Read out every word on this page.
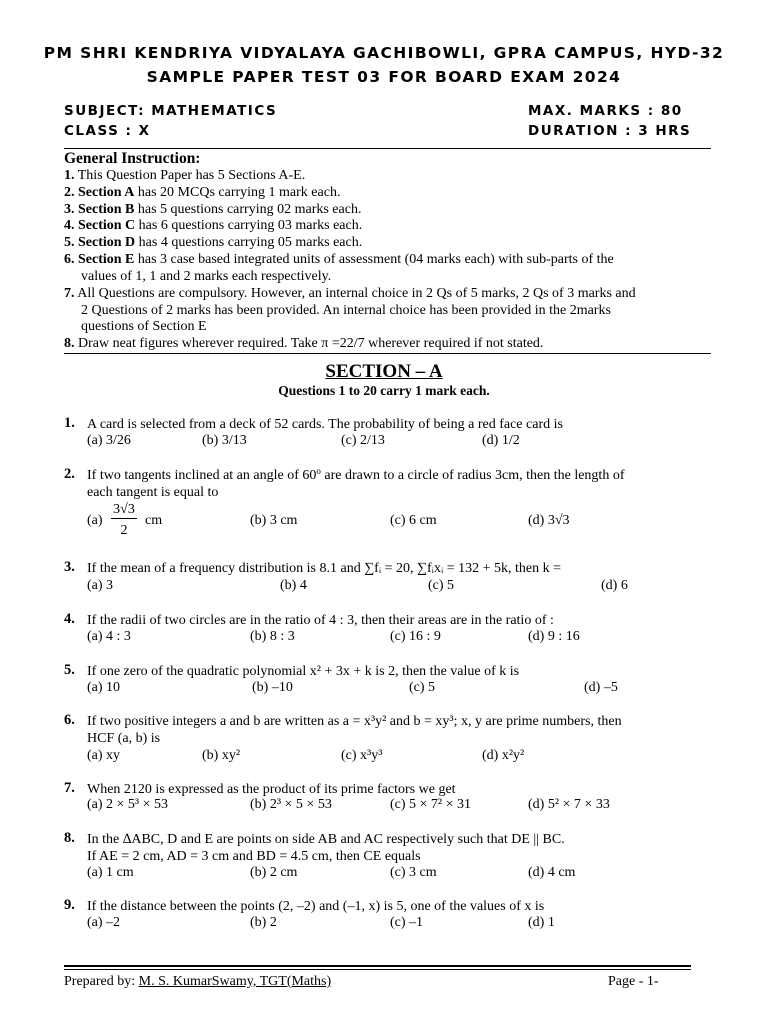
PM SHRI KENDRIYA VIDYALAYA GACHIBOWLI, GPRA CAMPUS, HYD-32
SAMPLE PAPER TEST 03 FOR BOARD EXAM 2024
SUBJECT: MATHEMATICS	MAX. MARKS : 80
CLASS : X	DURATION : 3 HRS
General Instruction:
1. This Question Paper has 5 Sections A-E.
2. Section A has 20 MCQs carrying 1 mark each.
3. Section B has 5 questions carrying 02 marks each.
4. Section C has 6 questions carrying 03 marks each.
5. Section D has 4 questions carrying 05 marks each.
6. Section E has 3 case based integrated units of assessment (04 marks each) with sub-parts of the
values of 1, 1 and 2 marks each respectively.
7. All Questions are compulsory. However, an internal choice in 2 Qs of 5 marks, 2 Qs of 3 marks and
2 Questions of 2 marks has been provided. An internal choice has been provided in the 2marks
questions of Section E
8. Draw neat figures wherever required. Take π =22/7 wherever required if not stated.
SECTION – A
Questions 1 to 20 carry 1 mark each.
1. A card is selected from a deck of 52 cards. The probability of being a red face card is
(a) 3/26	(b) 3/13	(c) 2/13	(d) 1/2
2. If two tangents inclined at an angle of 60$^o$ are drawn to a circle of radius 3cm, then the length of
each tangent is equal to
(a)
3√3
2
cm	(b) 3 cm	(c) 6 cm	(d) 3√3
3. If the mean of a frequency distribution is 8.1 and ∑fᵢ = 20, ∑fᵢxᵢ = 132 + 5k, then k =
(a) 3	(b) 4	(c) 5	(d) 6
4. If the radii of two circles are in the ratio of 4 : 3, then their areas are in the ratio of :
(a) 4 : 3	(b) 8 : 3	(c) 16 : 9	(d) 9 : 16
5. If one zero of the quadratic polynomial x² + 3x + k is 2, then the value of k is
(a) 10	(b) –10	(c) 5	(d) –5
6. If two positive integers a and b are written as a = x³y² and b = xy³; x, y are prime numbers, then
HCF (a, b) is
(a) xy	(b) xy²	(c) x³y³	(d) x²y²
7. When 2120 is expressed as the product of its prime factors we get
(a) 2 × 5³ × 53	(b) 2³ × 5 × 53	(c) 5 × 7² × 31	(d) 5² × 7 × 33
8. In the ∆ABC, D and E are points on side AB and AC respectively such that DE || BC.
If AE = 2 cm, AD = 3 cm and BD = 4.5 cm, then CE equals
(a) 1 cm	(b) 2 cm	(c) 3 cm	(d) 4 cm
9. If the distance between the points (2, –2) and (–1, x) is 5, one of the values of x is
(a) –2	(b) 2	(c) –1	(d) 1
Prepared by: M. S. KumarSwamy, TGT(Maths)	Page - 1-
